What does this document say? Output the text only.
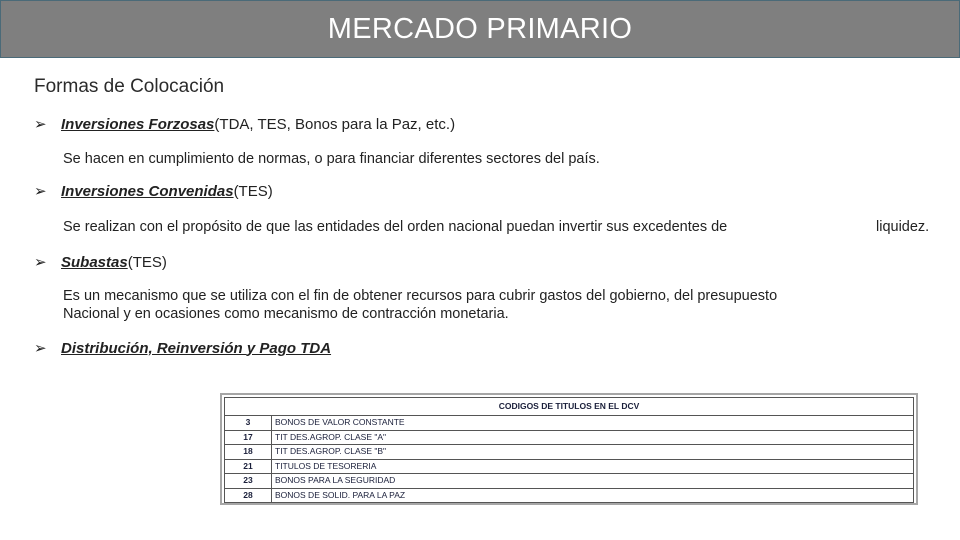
MERCADO PRIMARIO
Formas de Colocación
➢ Inversiones Forzosas (TDA, TES, Bonos para la Paz, etc.)
Se hacen en cumplimiento de normas, o para financiar diferentes sectores del país.
➢ Inversiones Convenidas (TES)
Se realizan con el propósito de que las entidades del orden nacional puedan invertir sus excedentes de	liquidez.
➢ Subastas (TES)
Es un mecanismo que se utiliza con el fin de obtener recursos para cubrir gastos del gobierno, del presupuesto
Nacional y en ocasiones como mecanismo de contracción monetaria.
➢ Distribución, Reinversión y Pago TDA
CODIGOS DE TITULOS EN EL DCV	
3	BONOS DE VALOR CONSTANTE
17	TIT DES.AGROP. CLASE "A"
18	TIT DES.AGROP. CLASE "B"
21	TITULOS DE TESORERIA
23	BONOS PARA LA SEGURIDAD
28	BONOS DE SOLID. PARA LA PAZ
